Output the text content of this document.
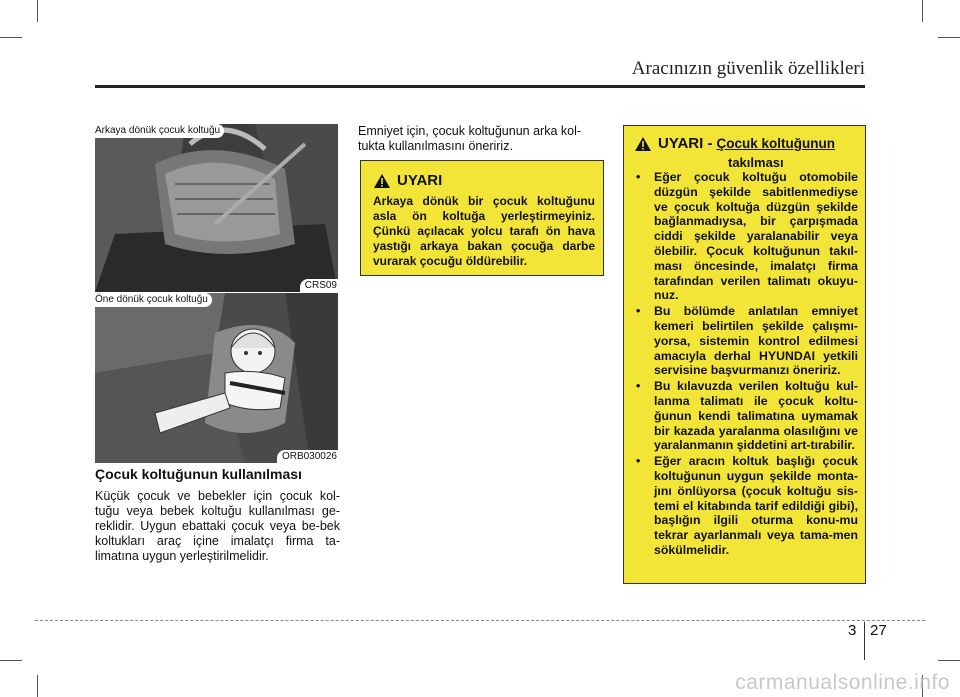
Aracınızın güvenlik özellikleri
Arkaya dönük çocuk koltuğu
CRS09
Öne dönük çocuk koltuğu
ORB030026
Çocuk koltuğunun kullanılması
Küçük çocuk ve bebekler için çocuk kol-tuğu veya bebek koltuğu kullanılması ge-reklidir. Uygun ebattaki çocuk veya be-bek koltukları araç içine imalatçı firma ta-limatına uygun yerleştirilmelidir.
Emniyet için, çocuk koltuğunun arka kol-tukta kullanılmasını öneririz.
UYARI
Arkaya dönük bir çocuk koltuğunu asla ön koltuğa yerleştirmeyiniz. Çünkü açılacak yolcu tarafı ön hava yastığı arkaya bakan çocuğa darbe vurarak çocuğu öldürebilir.
UYARI - Çocuk koltuğunun
takılması
• Eğer çocuk koltuğu otomobile düzgün şekilde sabitlenmediyse ve çocuk koltuğa düzgün şekilde bağlanmadıysa, bir çarpışmada ciddi şekilde yaralanabilir veya ölebilir. Çocuk koltuğunun takıl-ması öncesinde, imalatçı firma tarafından verilen talimatı okuyu-nuz.
• Bu bölümde anlatılan emniyet kemeri belirtilen şekilde çalışmı-yorsa, sistemin kontrol edilmesi amacıyla derhal HYUNDAI yetkili servisine başvurmanızı öneririz.
• Bu kılavuzda verilen koltuğu kul-lanma talimatı ile çocuk koltu-ğunun kendi talimatına uymamak bir kazada yaralanma olasılığını ve yaralanmanın şiddetini art-tırabilir.
• Eğer aracın koltuk başlığı çocuk koltuğunun uygun şekilde monta-jını önlüyorsa (çocuk koltuğu sis-temi el kitabında tarif edildiği gibi), başlığın ilgili oturma konu-mu tekrar ayarlanmalı veya tama-men sökülmelidir.
3 27
carmanualsonline.info
